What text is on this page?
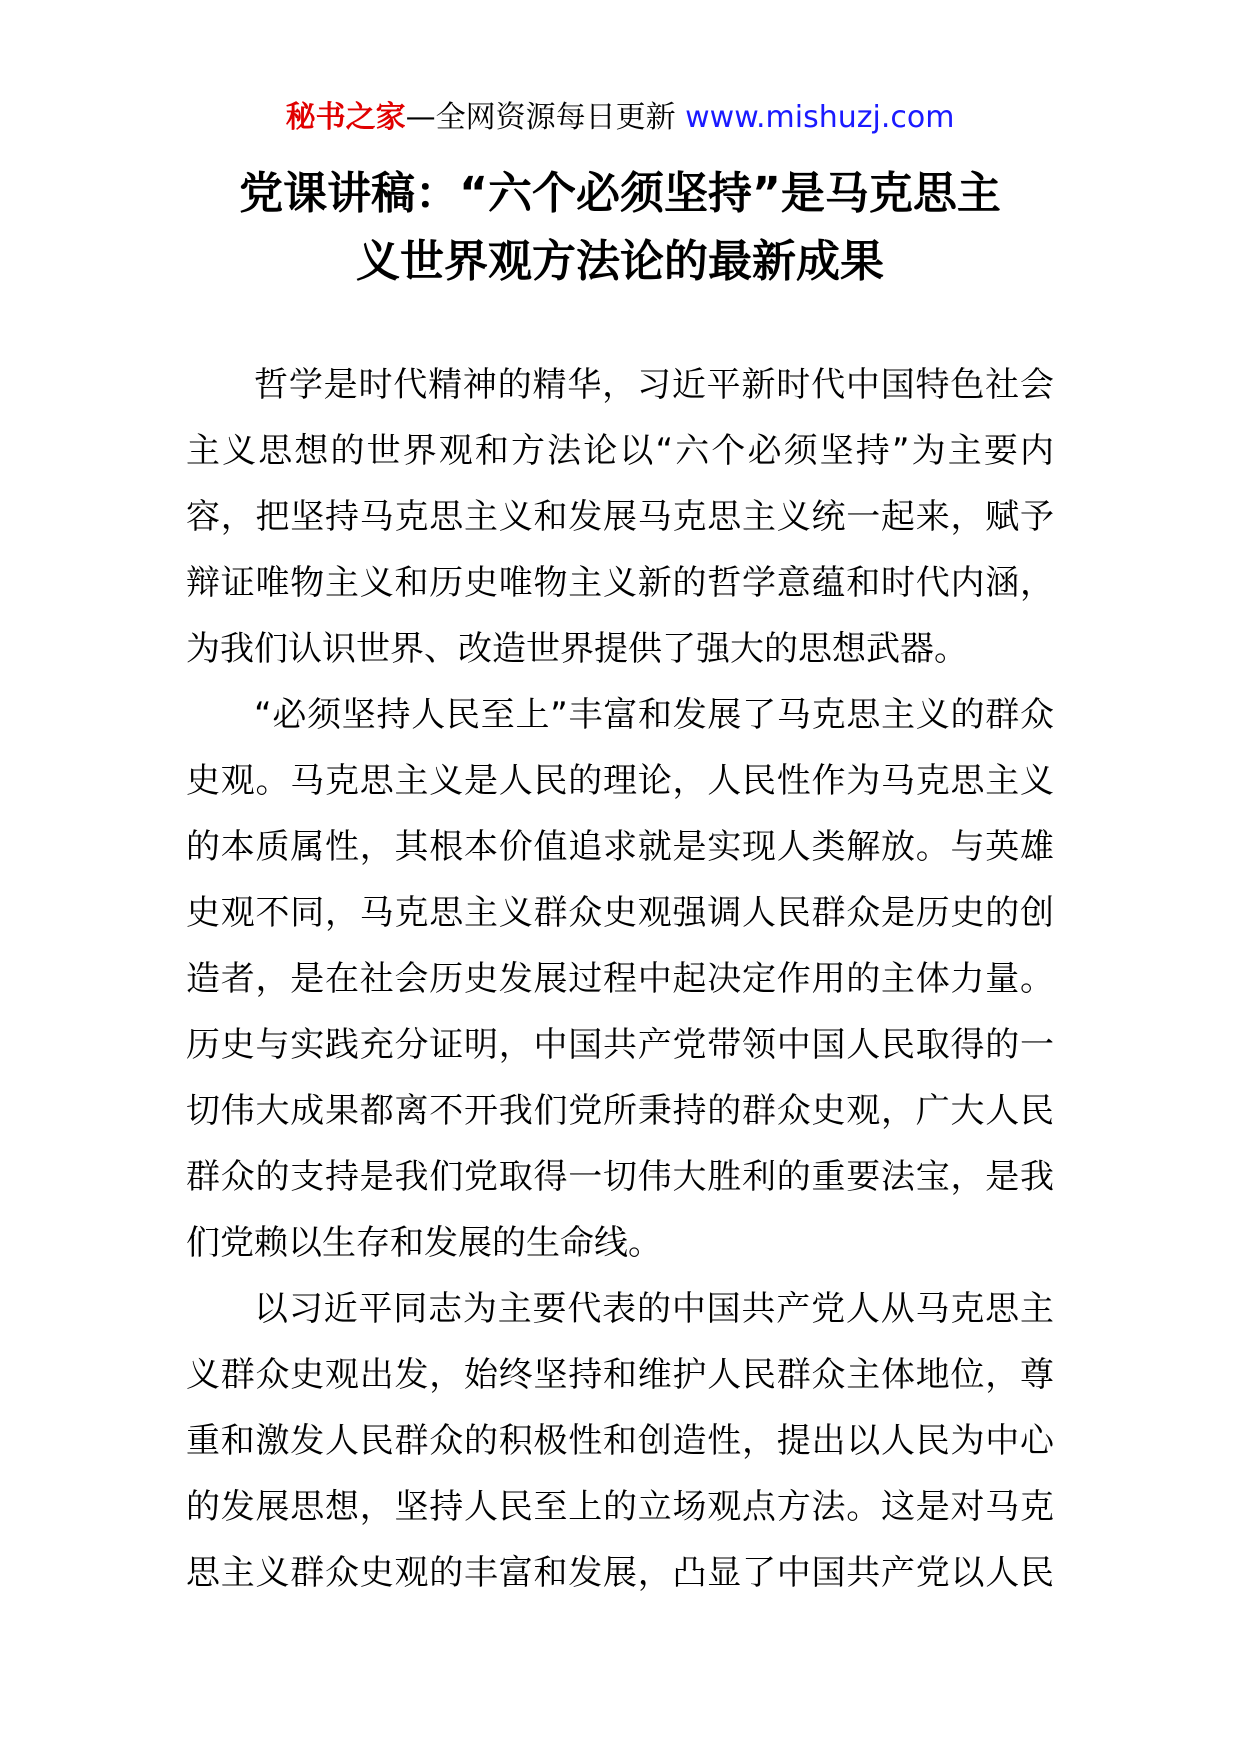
秘书之家—全网资源每日更新 www.mishuzj.com
党课讲稿：“六个必须坚持”是马克思主
义世界观方法论的最新成果
哲学是时代精神的精华，习近平新时代中国特色社会
主义思想的世界观和方法论以“六个必须坚持”为主要内
容，把坚持马克思主义和发展马克思主义统一起来，赋予
辩证唯物主义和历史唯物主义新的哲学意蕴和时代内涵，
为我们认识世界、改造世界提供了强大的思想武器。
“必须坚持人民至上”丰富和发展了马克思主义的群众
史观。马克思主义是人民的理论，人民性作为马克思主义
的本质属性，其根本价值追求就是实现人类解放。与英雄
史观不同，马克思主义群众史观强调人民群众是历史的创
造者，是在社会历史发展过程中起决定作用的主体力量。
历史与实践充分证明，中国共产党带领中国人民取得的一
切伟大成果都离不开我们党所秉持的群众史观，广大人民
群众的支持是我们党取得一切伟大胜利的重要法宝，是我
们党赖以生存和发展的生命线。
以习近平同志为主要代表的中国共产党人从马克思主
义群众史观出发，始终坚持和维护人民群众主体地位，尊
重和激发人民群众的积极性和创造性，提出以人民为中心
的发展思想，坚持人民至上的立场观点方法。这是对马克
思主义群众史观的丰富和发展，凸显了中国共产党以人民
